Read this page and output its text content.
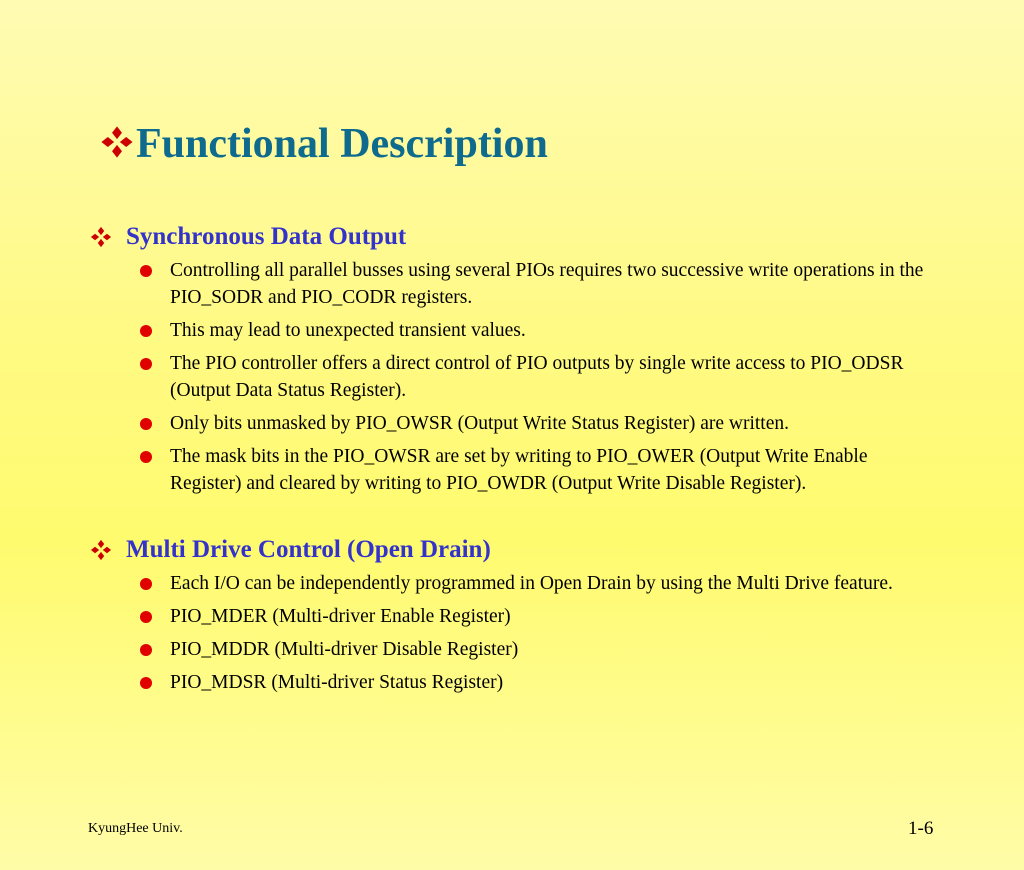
Functional Description
Synchronous Data Output
Controlling all parallel busses using several PIOs requires two successive write operations in the PIO_SODR and PIO_CODR registers.
This may lead to unexpected transient values.
The PIO controller offers a direct control of PIO outputs by single write access to PIO_ODSR (Output Data Status Register).
Only bits unmasked by PIO_OWSR (Output Write Status Register) are written.
The mask bits in the PIO_OWSR are set by writing to PIO_OWER (Output Write Enable Register) and cleared by writing to PIO_OWDR (Output Write Disable Register).
Multi Drive Control (Open Drain)
Each I/O can be independently programmed in Open Drain by using the Multi Drive feature.
PIO_MDER (Multi-driver Enable Register)
PIO_MDDR (Multi-driver Disable Register)
PIO_MDSR (Multi-driver Status Register)
KyungHee Univ.	1-6
